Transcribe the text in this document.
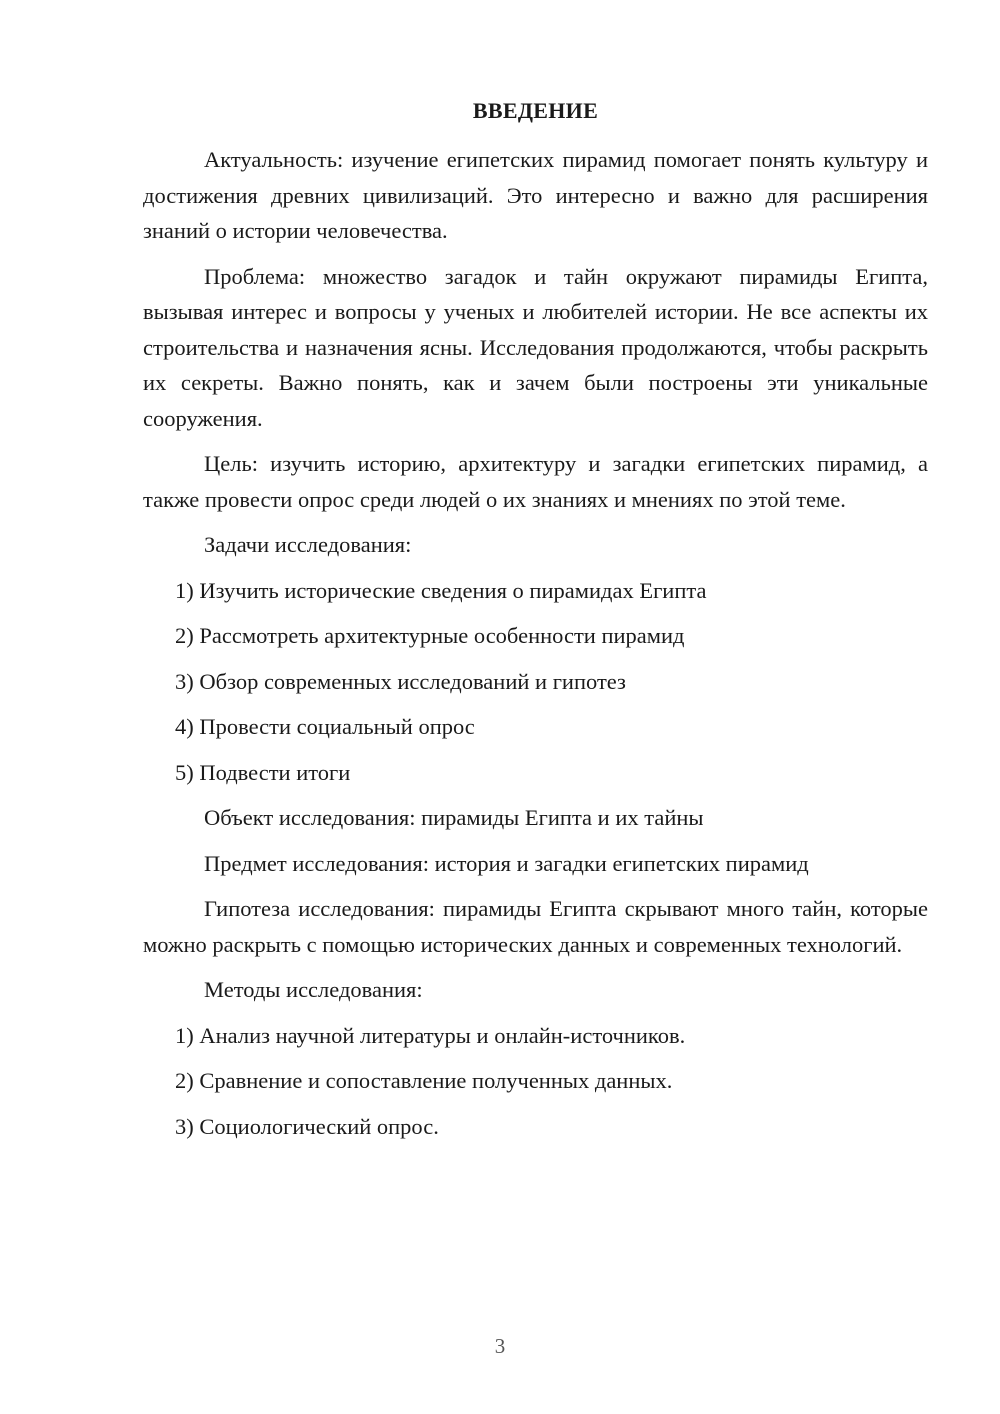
ВВЕДЕНИЕ

Актуальность: изучение египетских пирамид помогает понять культуру и достижения древних цивилизаций. Это интересно и важно для расширения знаний о истории человечества.

Проблема: множество загадок и тайн окружают пирамиды Египта, вызывая интерес и вопросы у ученых и любителей истории. Не все аспекты их строительства и назначения ясны. Исследования продолжаются, чтобы раскрыть их секреты. Важно понять, как и зачем были построены эти уникальные сооружения.

Цель: изучить историю, архитектуру и загадки египетских пирамид, а также провести опрос среди людей о их знаниях и мнениях по этой теме.

Задачи исследования:

1) Изучить исторические сведения о пирамидах Египта

2) Рассмотреть архитектурные особенности пирамид

3) Обзор современных исследований и гипотез

4) Провести социальный опрос

5) Подвести итоги

Объект исследования: пирамиды Египта и их тайны

Предмет исследования: история и загадки египетских пирамид

Гипотеза исследования: пирамиды Египта скрывают много тайн, которые можно раскрыть с помощью исторических данных и современных технологий.

Методы исследования:

1) Анализ научной литературы и онлайн-источников.

2) Сравнение и сопоставление полученных данных.

3) Социологический опрос.

3
